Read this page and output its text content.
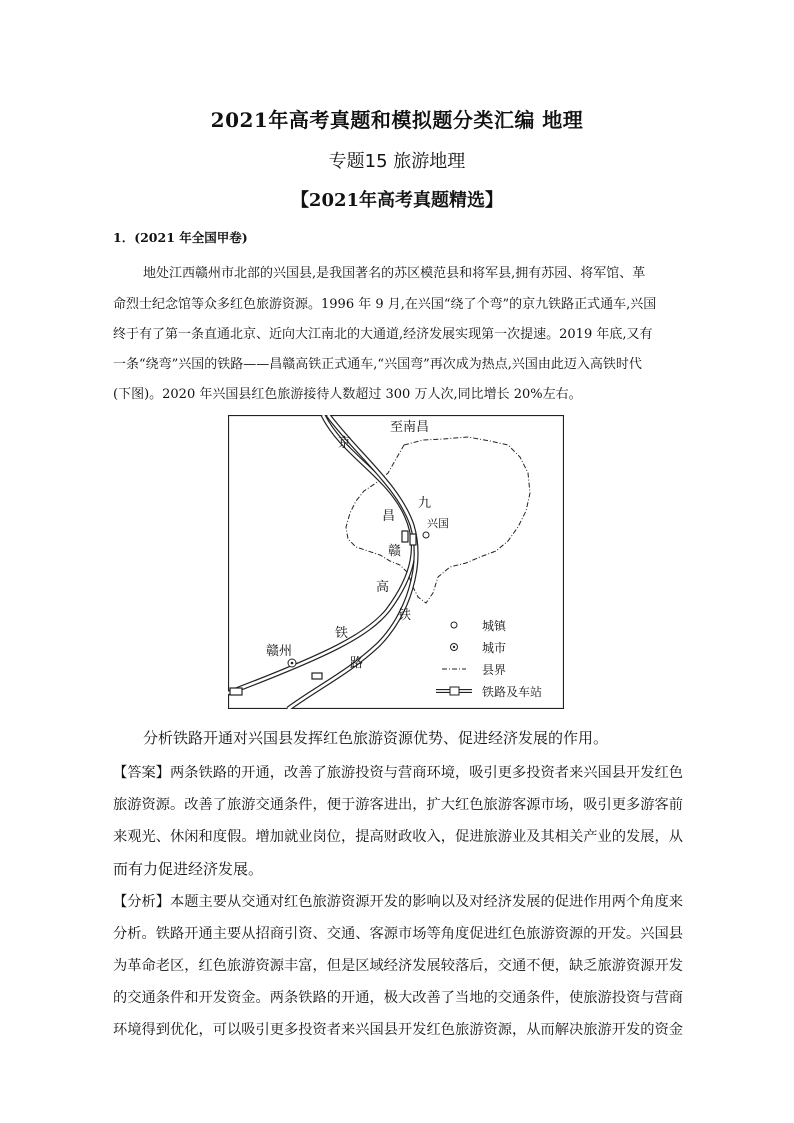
2021年高考真题和模拟题分类汇编 地理
专题15 旅游地理
【2021年高考真题精选】
1．(2021 年全国甲卷)
地处江西赣州市北部的兴国县,是我国著名的苏区模范县和将军县,拥有苏园、将军馆、革
命烈士纪念馆等众多红色旅游资源。1996 年 9 月,在兴国“绕了个弯”的京九铁路正式通车,兴国
终于有了第一条直通北京、近向大江南北的大通道,经济发展实现第一次提速。2019 年底,又有
一条“绕弯”兴国的铁路——昌赣高铁正式通车,“兴国弯”再次成为热点,兴国由此迈入高铁时代
(下图)。2020 年兴国县红色旅游接待人数超过 300 万人次,同比增长 20%左右。
至南昌
京
九
昌	兴国
赣
高
铁
铁
路
赣州
城镇
城市
县界
铁路及车站
分析铁路开通对兴国县发挥红色旅游资源优势、促进经济发展的作用。
【答案】两条铁路的开通，改善了旅游投资与营商环境，吸引更多投资者来兴国县开发红色
旅游资源。改善了旅游交通条件，便于游客进出，扩大红色旅游客源市场，吸引更多游客前
来观光、休闲和度假。增加就业岗位，提高财政收入，促进旅游业及其相关产业的发展，从
而有力促进经济发展。
【分析】本题主要从交通对红色旅游资源开发的影响以及对经济发展的促进作用两个角度来
分析。铁路开通主要从招商引资、交通、客源市场等角度促进红色旅游资源的开发。兴国县
为革命老区，红色旅游资源丰富，但是区域经济发展较落后，交通不便，缺乏旅游资源开发
的交通条件和开发资金。两条铁路的开通，极大改善了当地的交通条件，使旅游投资与营商
环境得到优化，可以吸引更多投资者来兴国县开发红色旅游资源，从而解决旅游开发的资金
